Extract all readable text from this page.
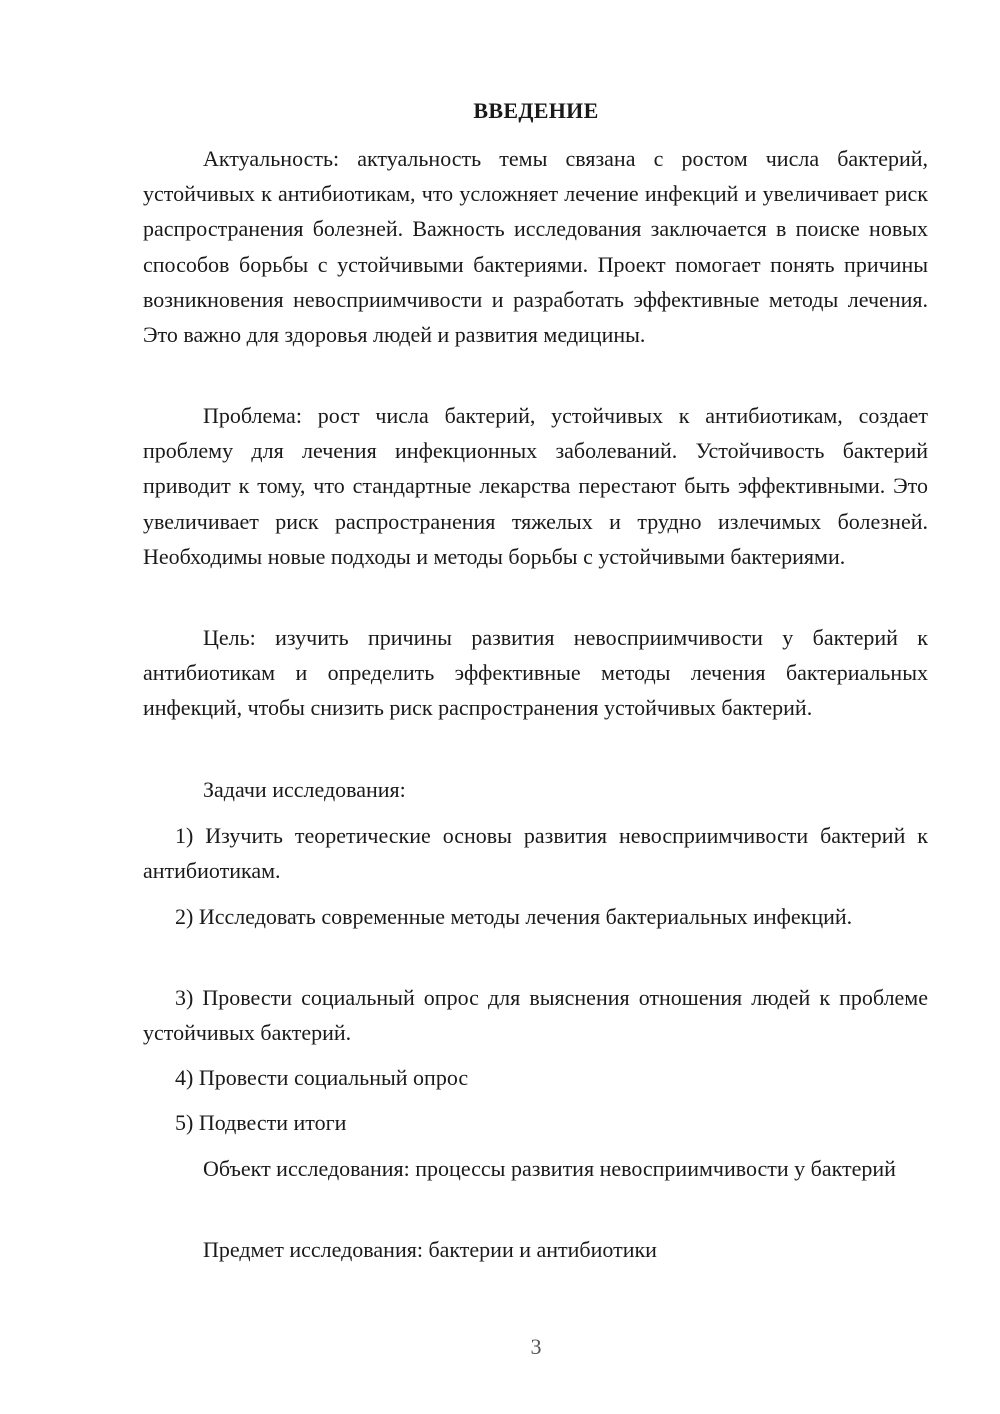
ВВЕДЕНИЕ
Актуальность: актуальность темы связана с ростом числа бактерий, устойчивых к антибиотикам, что усложняет лечение инфекций и увеличивает риск распространения болезней. Важность исследования заключается в поиске новых способов борьбы с устойчивыми бактериями. Проект помогает понять причины возникновения невосприимчивости и разработать эффективные методы лечения. Это важно для здоровья людей и развития медицины.
Проблема: рост числа бактерий, устойчивых к антибиотикам, создает проблему для лечения инфекционных заболеваний. Устойчивость бактерий приводит к тому, что стандартные лекарства перестают быть эффективными. Это увеличивает риск распространения тяжелых и трудно излечимых болезней. Необходимы новые подходы и методы борьбы с устойчивыми бактериями.
Цель: изучить причины развития невосприимчивости у бактерий к антибиотикам и определить эффективные методы лечения бактериальных инфекций, чтобы снизить риск распространения устойчивых бактерий.
Задачи исследования:
1) Изучить теоретические основы развития невосприимчивости бактерий к антибиотикам.
2) Исследовать современные методы лечения бактериальных инфекций.
3) Провести социальный опрос для выяснения отношения людей к проблеме устойчивых бактерий.
4) Провести социальный опрос
5) Подвести итоги
Объект исследования: процессы развития невосприимчивости у бактерий
Предмет исследования: бактерии и антибиотики
3
